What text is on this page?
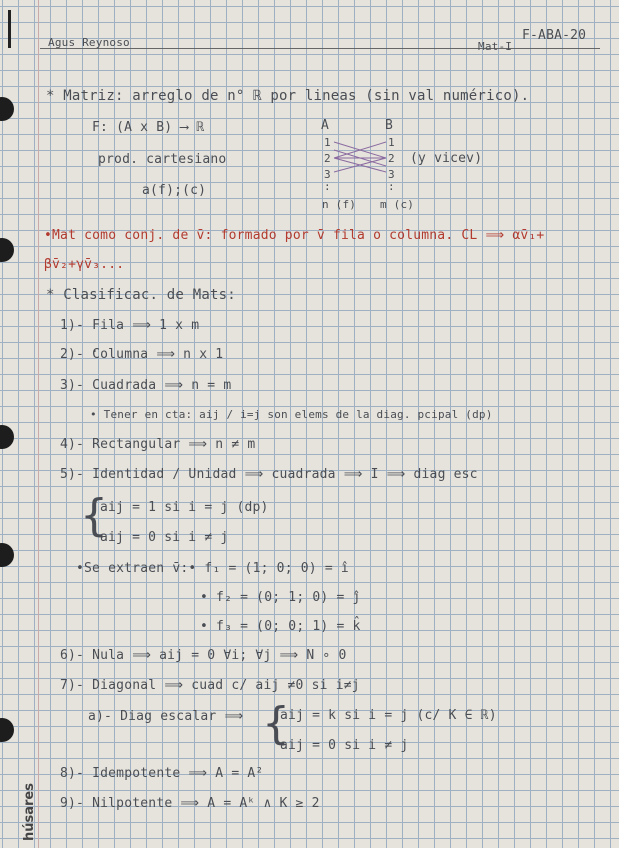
Agus Reynoso	Mat-I
F-ABA-20
* Matriz: arreglo de n° ℝ por lineas (sin val numérico).
F: (A x B) ⟶ ℝ
prod. cartesiano
a(f);(c)
A	B
1
2
3
:
n (f)
1
2
3
:
m (c)
(y vicev)
•Mat como conj. de v̄: formado por v̄ fila o columna. CL ⟹ αv̄₁+
βv̄₂+γv̄₃...
* Clasificac. de Mats:
1)- Fila ⟹ 1 x m
2)- Columna ⟹ n x 1
3)- Cuadrada ⟹ n = m
• Tener en cta: aij / i=j son elems de la diag. pcipal (dp)
4)- Rectangular ⟹ n ≠ m
5)- Identidad / Unidad ⟹ cuadrada ⟹ I ⟹ diag esc
{
aij = 1 si i = j (dp)
aij = 0 si i ≠ j
•Se extraen v̄:• f₁ = (1; 0; 0) = î
• f₂ = (0; 1; 0) = ĵ
• f₃ = (0; 0; 1) = k̂
6)- Nula ⟹ aij = 0 ∀i; ∀j ⟹ N ∘ 0
7)- Diagonal ⟹ cuad c/ aij ≠0 si i≠j
a)- Diag escalar ⟹ {
aij = k si i = j (c/ K ∈ ℝ)
aij = 0 si i ≠ j
8)- Idempotente ⟹ A = A²
9)- Nilpotente ⟹ A = Aᵏ ∧ K ≥ 2
húsares
